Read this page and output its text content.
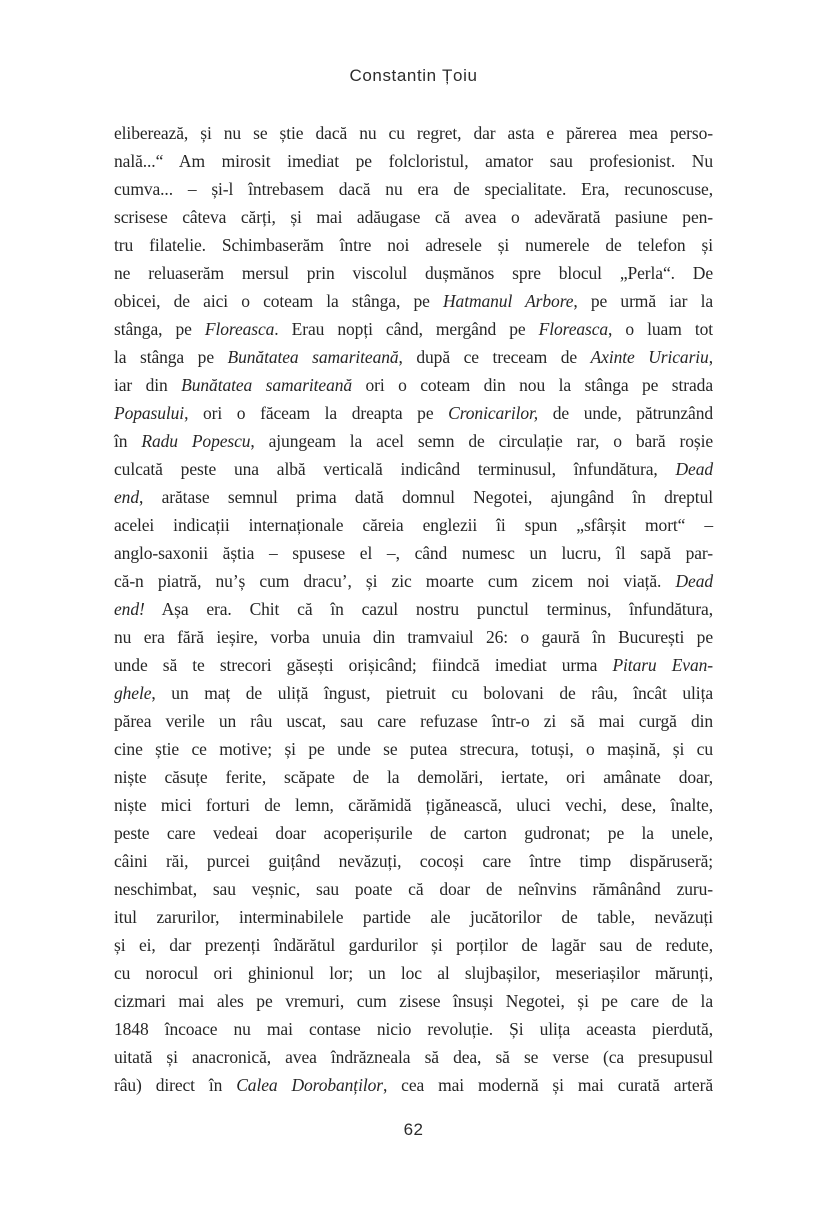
Constantin Țoiu
eliberează, și nu se știe dacă nu cu regret, dar asta e părerea mea perso-
nală...“ Am mirosit imediat pe folcloristul, amator sau profesionist. Nu
cumva... – și-l întrebasem dacă nu era de specialitate. Era, recunoscuse,
scrisese câteva cărți, și mai adăugase că avea o adevărată pasiune pen-
tru filatelie. Schimbaserăm între noi adresele și numerele de telefon și
ne reluaserăm mersul prin viscolul dușmănos spre blocul „Perla“. De
obicei, de aici o coteam la stânga, pe Hatmanul Arbore, pe urmă iar la
stânga, pe Floreasca. Erau nopți când, mergând pe Floreasca, o luam tot
la stânga pe Bunătatea samariteană, după ce treceam de Axinte Uricariu,
iar din Bunătatea samariteană ori o coteam din nou la stânga pe strada
Popasului, ori o făceam la dreapta pe Cronicarilor, de unde, pătrunzând
în Radu Popescu, ajungeam la acel semn de circulație rar, o bară roșie
culcată peste una albă verticală indicând terminusul, înfundătura, Dead
end, arătase semnul prima dată domnul Negotei, ajungând în dreptul
acelei indicații internaționale căreia englezii îi spun „sfârșit mort“ –
anglo-saxonii ăștia – spusese el –, când numesc un lucru, îl sapă par-
că-n piatră, nu’ș cum dracu’, și zic moarte cum zicem noi viață. Dead
end! Așa era. Chit că în cazul nostru punctul terminus, înfundătura,
nu era fără ieșire, vorba unuia din tramvaiul 26: o gaură în București pe
unde să te strecori găsești orișicând; fiindcă imediat urma Pitaru Evan-
ghele, un maț de uliță îngust, pietruit cu bolovani de râu, încât ulița
părea verile un râu uscat, sau care refuzase într-o zi să mai curgă din
cine știe ce motive; și pe unde se putea strecura, totuși, o mașină, și cu
niște căsuțe ferite, scăpate de la demolări, iertate, ori amânate doar,
niște mici forturi de lemn, cărămidă țigănească, uluci vechi, dese, înalte,
peste care vedeai doar acoperișurile de carton gudronat; pe la unele,
câini răi, purcei guițând nevăzuți, cocoși care între timp dispăruseră;
neschimbat, sau veșnic, sau poate că doar de neînvins rămânând zuru-
itul zarurilor, interminabilele partide ale jucătorilor de table, nevăzuți
și ei, dar prezenți îndărătul gardurilor și porților de lagăr sau de redute,
cu norocul ori ghinionul lor; un loc al slujbașilor, meseriașilor mărunți,
cizmari mai ales pe vremuri, cum zisese însuși Negotei, și pe care de la
1848 încoace nu mai contase nicio revoluție. Și ulița aceasta pierdută,
uitată și anacronică, avea îndrăzneala să dea, să se verse (ca presupusul
râu) direct în Calea Dorobanților, cea mai modernă și mai curată arteră
62
